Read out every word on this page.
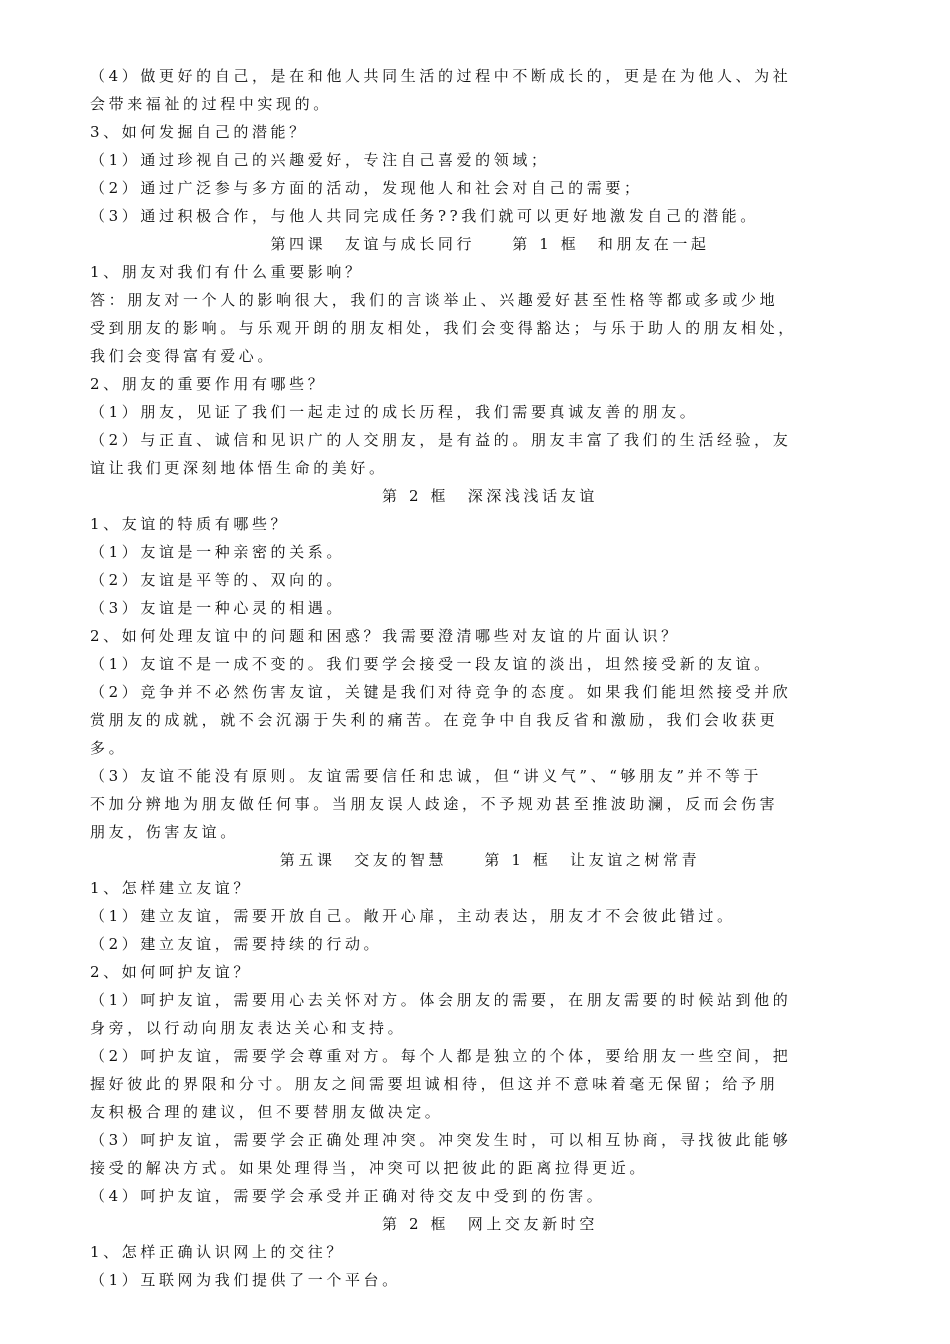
（4）做更好的自己，是在和他人共同生活的过程中不断成长的，更是在为他人、为社
会带来福祉的过程中实现的。
3、如何发掘自己的潜能？
（1）通过珍视自己的兴趣爱好，专注自己喜爱的领域；
（2）通过广泛参与多方面的活动，发现他人和社会对自己的需要；
（3）通过积极合作，与他人共同完成任务??我们就可以更好地激发自己的潜能。
第四课　友谊与成长同行　　第 1 框　和朋友在一起
1、朋友对我们有什么重要影响？
答：朋友对一个人的影响很大，我们的言谈举止、兴趣爱好甚至性格等都或多或少地
受到朋友的影响。与乐观开朗的朋友相处，我们会变得豁达；与乐于助人的朋友相处，
我们会变得富有爱心。
2、朋友的重要作用有哪些？
（1）朋友，见证了我们一起走过的成长历程，我们需要真诚友善的朋友。
（2）与正直、诚信和见识广的人交朋友，是有益的。朋友丰富了我们的生活经验，友
谊让我们更深刻地体悟生命的美好。
第 2 框　深深浅浅话友谊
1、友谊的特质有哪些？
（1）友谊是一种亲密的关系。
（2）友谊是平等的、双向的。
（3）友谊是一种心灵的相遇。
2、如何处理友谊中的问题和困惑？我需要澄清哪些对友谊的片面认识？
（1）友谊不是一成不变的。我们要学会接受一段友谊的淡出，坦然接受新的友谊。
（2）竞争并不必然伤害友谊，关键是我们对待竞争的态度。如果我们能坦然接受并欣
赏朋友的成就，就不会沉溺于失利的痛苦。在竞争中自我反省和激励，我们会收获更
多。
（3）友谊不能没有原则。友谊需要信任和忠诚，但“讲义气”、“够朋友”并不等于
不加分辨地为朋友做任何事。当朋友误人歧途，不予规劝甚至推波助澜，反而会伤害
朋友，伤害友谊。
第五课　交友的智慧　　第 1 框　让友谊之树常青
1、怎样建立友谊？
（1）建立友谊，需要开放自己。敞开心扉，主动表达，朋友才不会彼此错过。
（2）建立友谊，需要持续的行动。
2、如何呵护友谊？
（1）呵护友谊，需要用心去关怀对方。体会朋友的需要，在朋友需要的时候站到他的
身旁，以行动向朋友表达关心和支持。
（2）呵护友谊，需要学会尊重对方。每个人都是独立的个体，要给朋友一些空间，把
握好彼此的界限和分寸。朋友之间需要坦诚相待，但这并不意味着毫无保留；给予朋
友积极合理的建议，但不要替朋友做决定。
（3）呵护友谊，需要学会正确处理冲突。冲突发生时，可以相互协商，寻找彼此能够
接受的解决方式。如果处理得当，冲突可以把彼此的距离拉得更近。
（4）呵护友谊，需要学会承受并正确对待交友中受到的伤害。
第 2 框　网上交友新时空
1、怎样正确认识网上的交往？
（1）互联网为我们提供了一个平台。
